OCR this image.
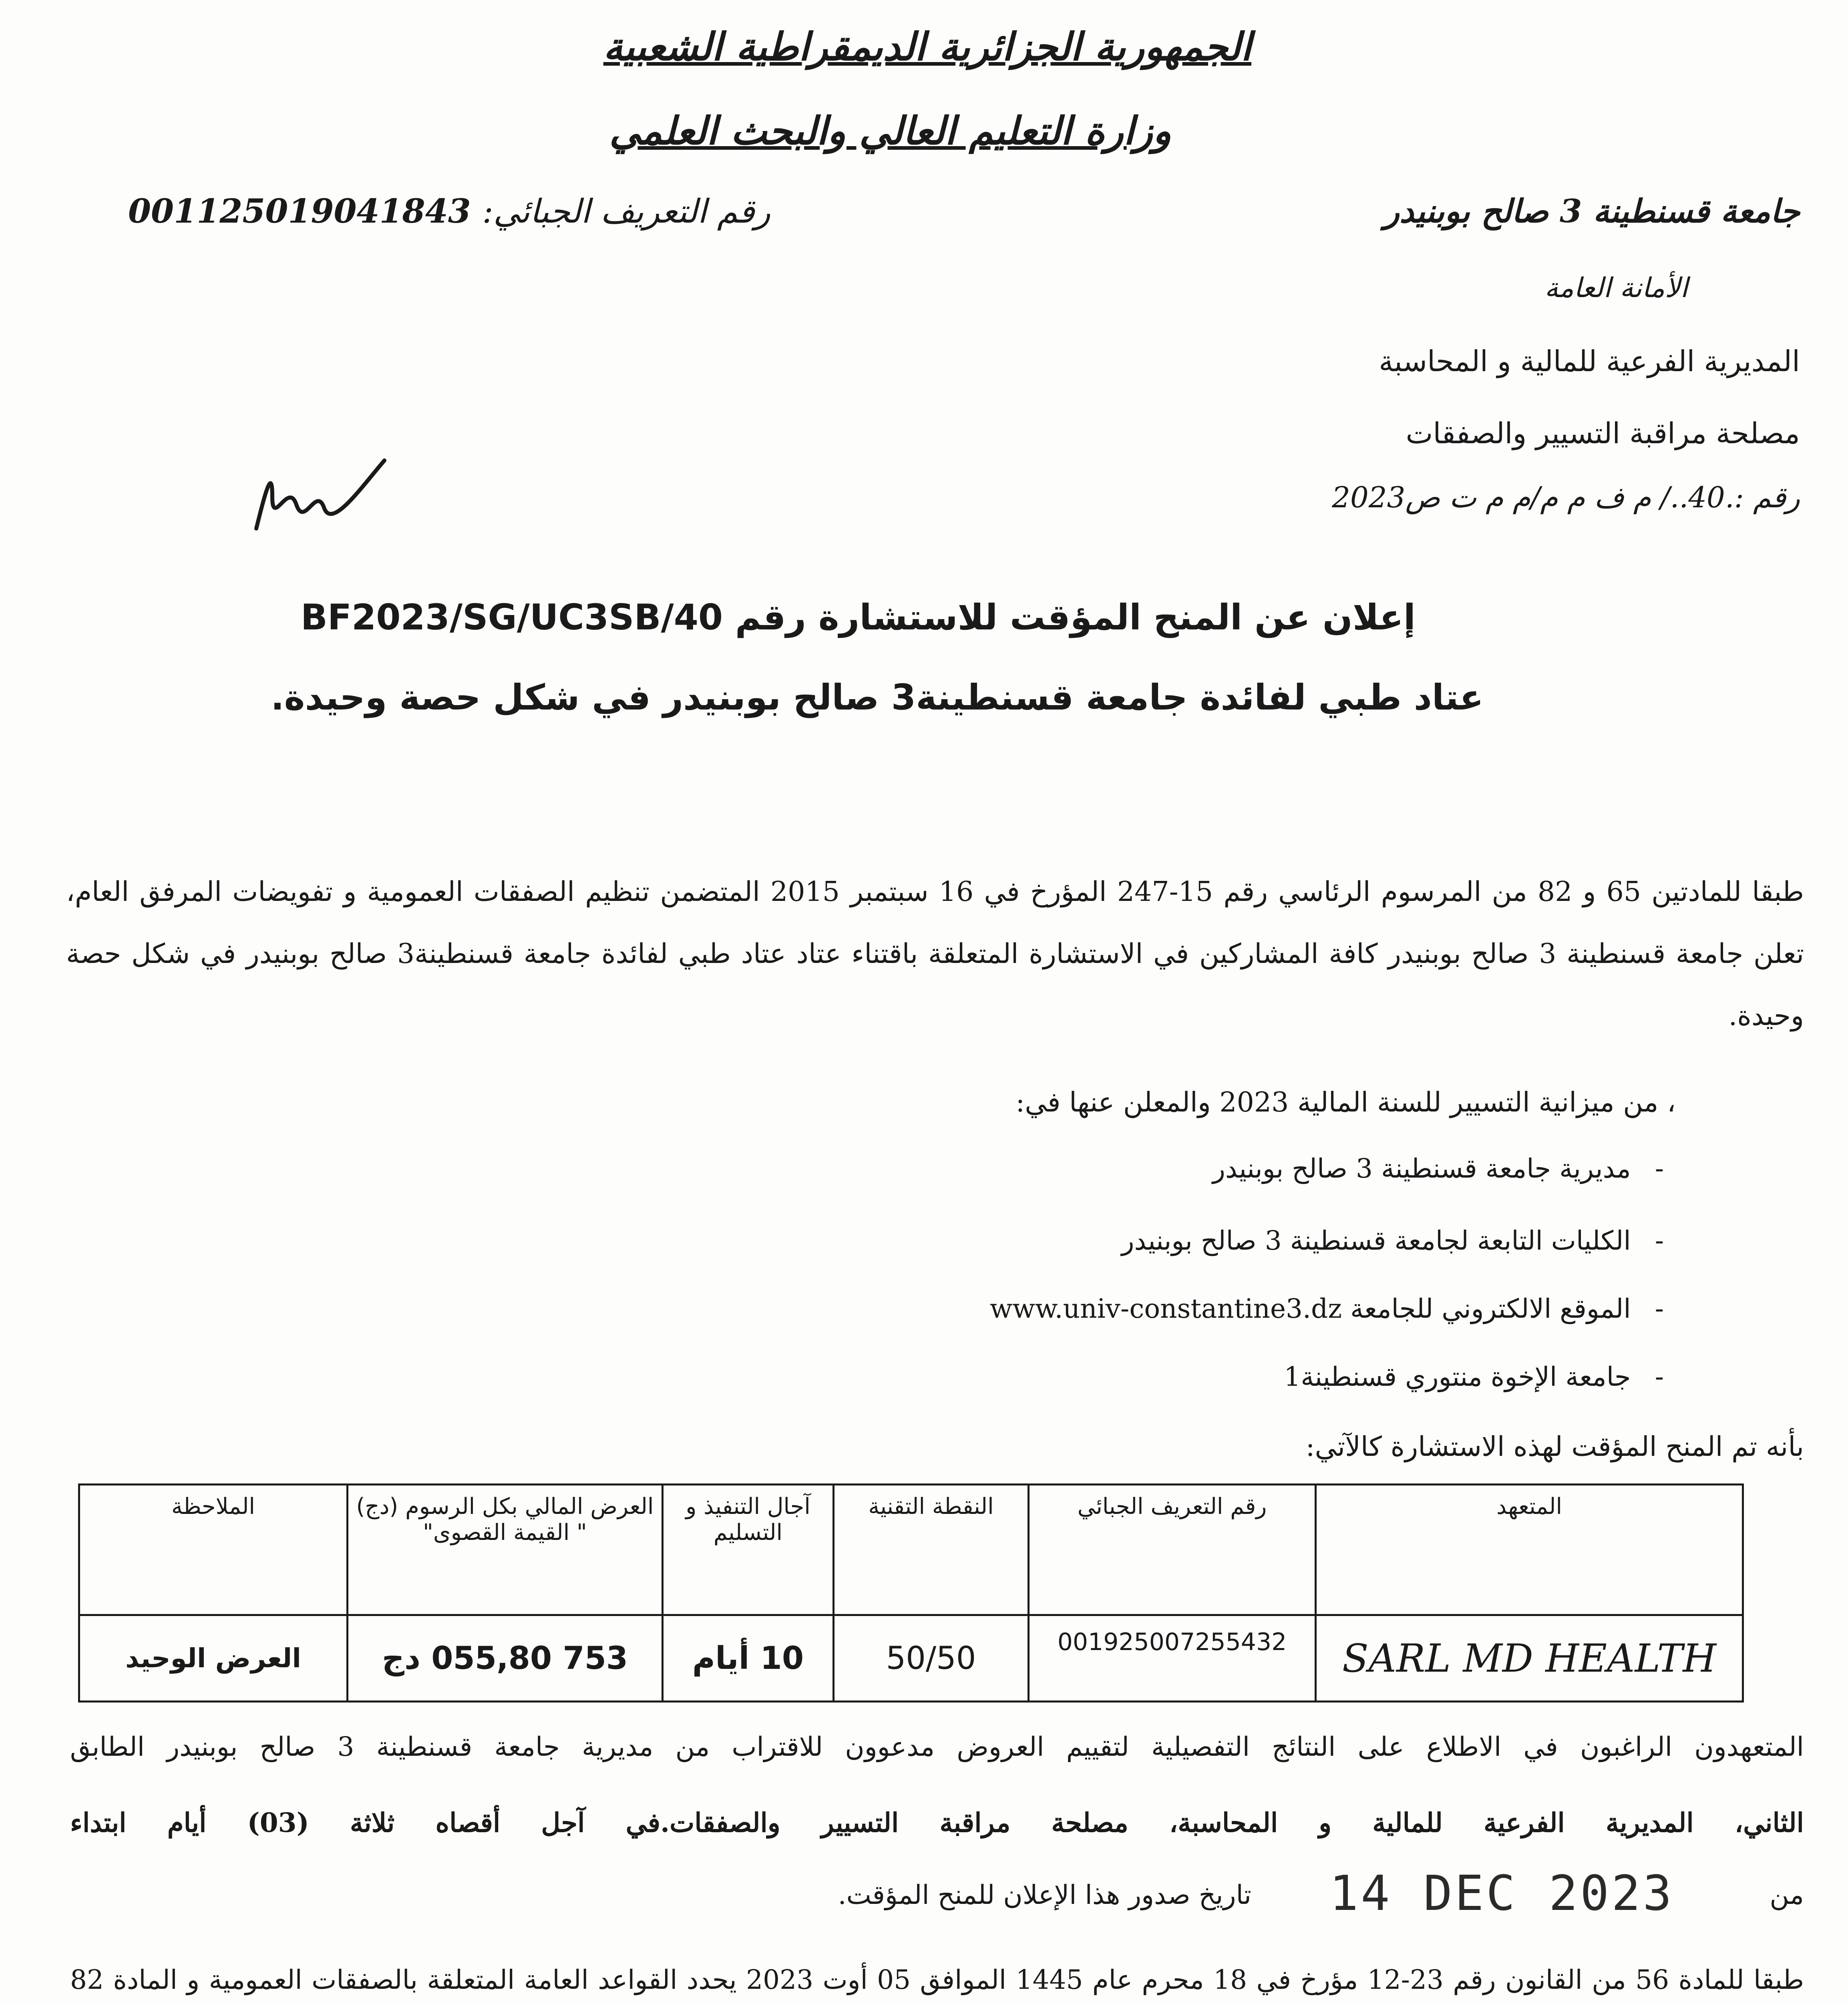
الجمهورية الجزائرية الديمقراطية الشعبية
وزارة التعليم العالي والبحث العلمي
جامعة قسنطينة 3 صالح بوبنيدر
الأمانة العامة
المديرية الفرعية للمالية و المحاسبة
مصلحة مراقبة التسيير والصفقات
رقم :.40../ م ف م م/م م ت ص2023
رقم التعريف الجبائي: 001125019041843
إعلان عن المنح المؤقت للاستشارة رقم BF2023/SG/UC3SB/40
عتاد طبي لفائدة جامعة قسنطينة3 صالح بوبنيدر في شكل حصة وحيدة.
طبقا للمادتين 65 و 82 من المرسوم الرئاسي رقم 15-247 المؤرخ في 16 سبتمبر 2015 المتضمن تنظيم الصفقات العمومية و تفويضات المرفق العام، تعلن جامعة قسنطينة 3 صالح بوبنيدر كافة المشاركين في الاستشارة المتعلقة باقتناء عتاد عتاد طبي لفائدة جامعة قسنطينة3 صالح بوبنيدر في شكل حصة وحيدة.
، من ميزانية التسيير للسنة المالية 2023 والمعلن عنها في:
-مديرية جامعة قسنطينة 3 صالح بوبنيدر
-الكليات التابعة لجامعة قسنطينة 3 صالح بوبنيدر
-الموقع الالكتروني للجامعة www.univ-constantine3.dz
-جامعة الإخوة منتوري قسنطينة1
بأنه تم المنح المؤقت لهذه الاستشارة كالآتي:
المتعهد	رقم التعريف الجبائي	النقطة التقنية	آجال التنفيذ و التسليم	العرض المالي بكل الرسوم (دج) " القيمة القصوى"	الملاحظة
SARL MD HEALTH	001925007255432	50/50	10 أيام	753 055,80 دج	العرض الوحيد
المتعهدون الراغبون في الاطلاع على النتائج التفصيلية لتقييم العروض مدعوون للاقتراب من مديرية جامعة قسنطينة 3 صالح بوبنيدر الطابق
الثاني، المديرية الفرعية للمالية و المحاسبة، مصلحة مراقبة التسيير والصفقات.في آجل أقصاه ثلاثة (03) أيام ابتداء
من
14 DEC 2023
تاريخ صدور هذا الإعلان للمنح المؤقت.
طبقا للمادة 56 من القانون رقم 23-12 مؤرخ في 18 محرم عام 1445 الموافق 05 أوت 2023 يحدد القواعد العامة المتعلقة بالصفقات العمومية و المادة 82
